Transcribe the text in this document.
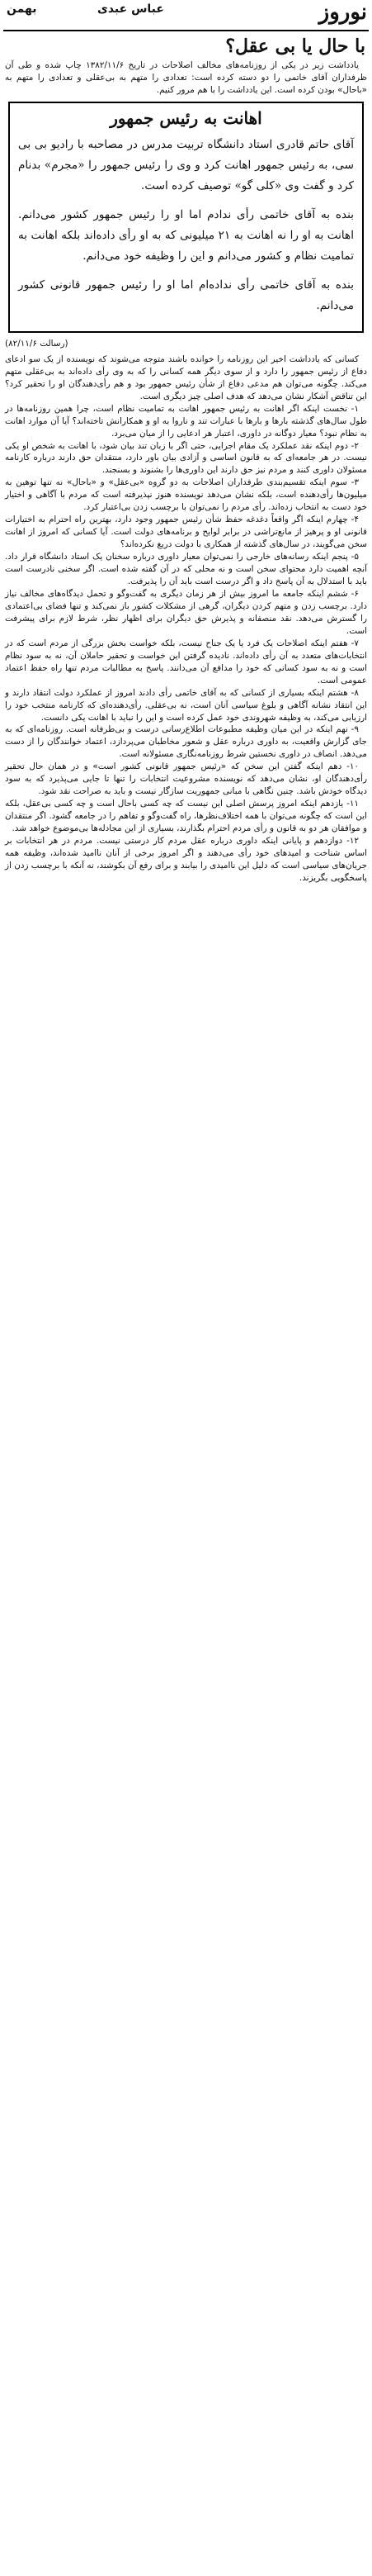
نوروز
عباس عبدی
بهمن
با حال یا بی عقل؟

یادداشت زیر در یکی از روزنامه‌های مخالف اصلاحات در تاریخ ۱۳۸۲/۱۱/۶ چاپ شده و طی آن ظرفداران آقای خاتمی را دو دسته کرده است: تعدادی را متهم به بی‌عقلی و تعدادی را متهم به «باحال» بودن کرده است. این یادداشت را با هم مرور کنیم.

اهانت به رئیس جمهور

آقای حاتم قادری استاد دانشگاه تربیت مدرس در مصاحبه با رادیو بی بی سی، به رئیس جمهور اهانت کرد و وی را رئیس جمهور را «مجرم» بدنام کرد و گفت وی «کلی گو» توصیف کرده است.

بنده به آقای خاتمی رأی ندادم اما او را رئیس جمهور کشور می‌دانم. اهانت به او را نه اهانت به ۲۱ میلیونی که به او رأی داده‌اند بلکه اهانت به تمامیت نظام و کشور می‌دانم و این را وظیفه خود می‌دانم.

بنده به آقای خاتمی رأی نداده‌ام اما او را رئیس جمهور قانونی کشور می‌دانم.

(رسالت ۸۲/۱۱/۶)

کسانی که یادداشت اخیر این روزنامه را خوانده باشند متوجه می‌شوند که نویسنده از یک سو ادعای دفاع از رئیس جمهور را دارد و از سوی دیگر همه کسانی را که به وی رأی داده‌اند به بی‌عقلی متهم می‌کند. چگونه می‌توان هم مدعی دفاع از شأن رئیس جمهور بود و هم رأی‌دهندگان او را تحقیر کرد؟ این تناقض آشکار نشان می‌دهد که هدف اصلی چیز دیگری است.

۱- نخست اینکه اگر اهانت به رئیس جمهور اهانت به تمامیت نظام است، چرا همین روزنامه‌ها در طول سال‌های گذشته بارها و بارها با عبارات تند و ناروا به او و همکارانش تاخته‌اند؟ آیا آن موارد اهانت به نظام نبود؟ معیار دوگانه در داوری، اعتبار هر ادعایی را از میان می‌برد.

۲- دوم اینکه نقد عملکرد یک مقام اجرایی، حتی اگر با زبان تند بیان شود، با اهانت به شخص او یکی نیست. در هر جامعه‌ای که به قانون اساسی و آزادی بیان باور دارد، منتقدان حق دارند درباره کارنامه مسئولان داوری کنند و مردم نیز حق دارند این داوری‌ها را بشنوند و بسنجند.

۳- سوم اینکه تقسیم‌بندی طرفداران اصلاحات به دو گروه «بی‌عقل» و «باحال» نه تنها توهین به میلیون‌ها رأی‌دهنده است، بلکه نشان می‌دهد نویسنده هنوز نپذیرفته است که مردم با آگاهی و اختیار خود دست به انتخاب زده‌اند. رأی مردم را نمی‌توان با برچسب زدن بی‌اعتبار کرد.

۴- چهارم اینکه اگر واقعاً دغدغه حفظ شأن رئیس جمهور وجود دارد، بهترین راه احترام به اختیارات قانونی او و پرهیز از مانع‌تراشی در برابر لوایح و برنامه‌های دولت است. آیا کسانی که امروز از اهانت سخن می‌گویند، در سال‌های گذشته از همکاری با دولت دریغ نکرده‌اند؟

۵- پنجم اینکه رسانه‌های خارجی را نمی‌توان معیار داوری درباره سخنان یک استاد دانشگاه قرار داد. آنچه اهمیت دارد محتوای سخن است و نه محلی که در آن گفته شده است. اگر سخنی نادرست است باید با استدلال به آن پاسخ داد و اگر درست است باید آن را پذیرفت.

۶- ششم اینکه جامعه ما امروز بیش از هر زمان دیگری به گفت‌وگو و تحمل دیدگاه‌های مخالف نیاز دارد. برچسب زدن و متهم کردن دیگران، گرهی از مشکلات کشور باز نمی‌کند و تنها فضای بی‌اعتمادی را گسترش می‌دهد. نقد منصفانه و پذیرش حق دیگران برای اظهار نظر، شرط لازم برای پیشرفت است.

۷- هفتم اینکه اصلاحات یک فرد یا یک جناح نیست، بلکه خواست بخش بزرگی از مردم است که در انتخابات‌های متعدد به آن رأی داده‌اند. نادیده گرفتن این خواست و تحقیر حاملان آن، نه به سود نظام است و نه به سود کسانی که خود را مدافع آن می‌دانند. پاسخ به مطالبات مردم تنها راه حفظ اعتماد عمومی است.

۸- هشتم اینکه بسیاری از کسانی که به آقای خاتمی رأی دادند امروز از عملکرد دولت انتقاد دارند و این انتقاد نشانه آگاهی و بلوغ سیاسی آنان است، نه بی‌عقلی. رأی‌دهنده‌ای که کارنامه منتخب خود را ارزیابی می‌کند، به وظیفه شهروندی خود عمل کرده است و این را نباید با اهانت یکی دانست.

۹- نهم اینکه در این میان وظیفه مطبوعات اطلاع‌رسانی درست و بی‌طرفانه است. روزنامه‌ای که به جای گزارش واقعیت، به داوری درباره عقل و شعور مخاطبان می‌پردازد، اعتماد خوانندگان را از دست می‌دهد. انصاف در داوری نخستین شرط روزنامه‌نگاری مسئولانه است.

۱۰- دهم اینکه گفتن این سخن که «رئیس جمهور قانونی کشور است» و در همان حال تحقیر رأی‌دهندگان او، نشان می‌دهد که نویسنده مشروعیت انتخابات را تنها تا جایی می‌پذیرد که به سود دیدگاه خودش باشد. چنین نگاهی با مبانی جمهوریت سازگار نیست و باید به صراحت نقد شود.

۱۱- یازدهم اینکه امروز پرسش اصلی این نیست که چه کسی باحال است و چه کسی بی‌عقل، بلکه این است که چگونه می‌توان با همه اختلاف‌نظرها، راه گفت‌وگو و تفاهم را در جامعه گشود. اگر منتقدان و موافقان هر دو به قانون و رأی مردم احترام بگذارند، بسیاری از این مجادله‌ها بی‌موضوع خواهد شد.

۱۲- دوازدهم و پایانی اینکه داوری درباره عقل مردم کار درستی نیست. مردم در هر انتخابات بر اساس شناخت و امیدهای خود رأی می‌دهند و اگر امروز برخی از آنان ناامید شده‌اند، وظیفه همه جریان‌های سیاسی است که دلیل این ناامیدی را بیابند و برای رفع آن بکوشند، نه آنکه با برچسب زدن از پاسخگویی بگریزند.
